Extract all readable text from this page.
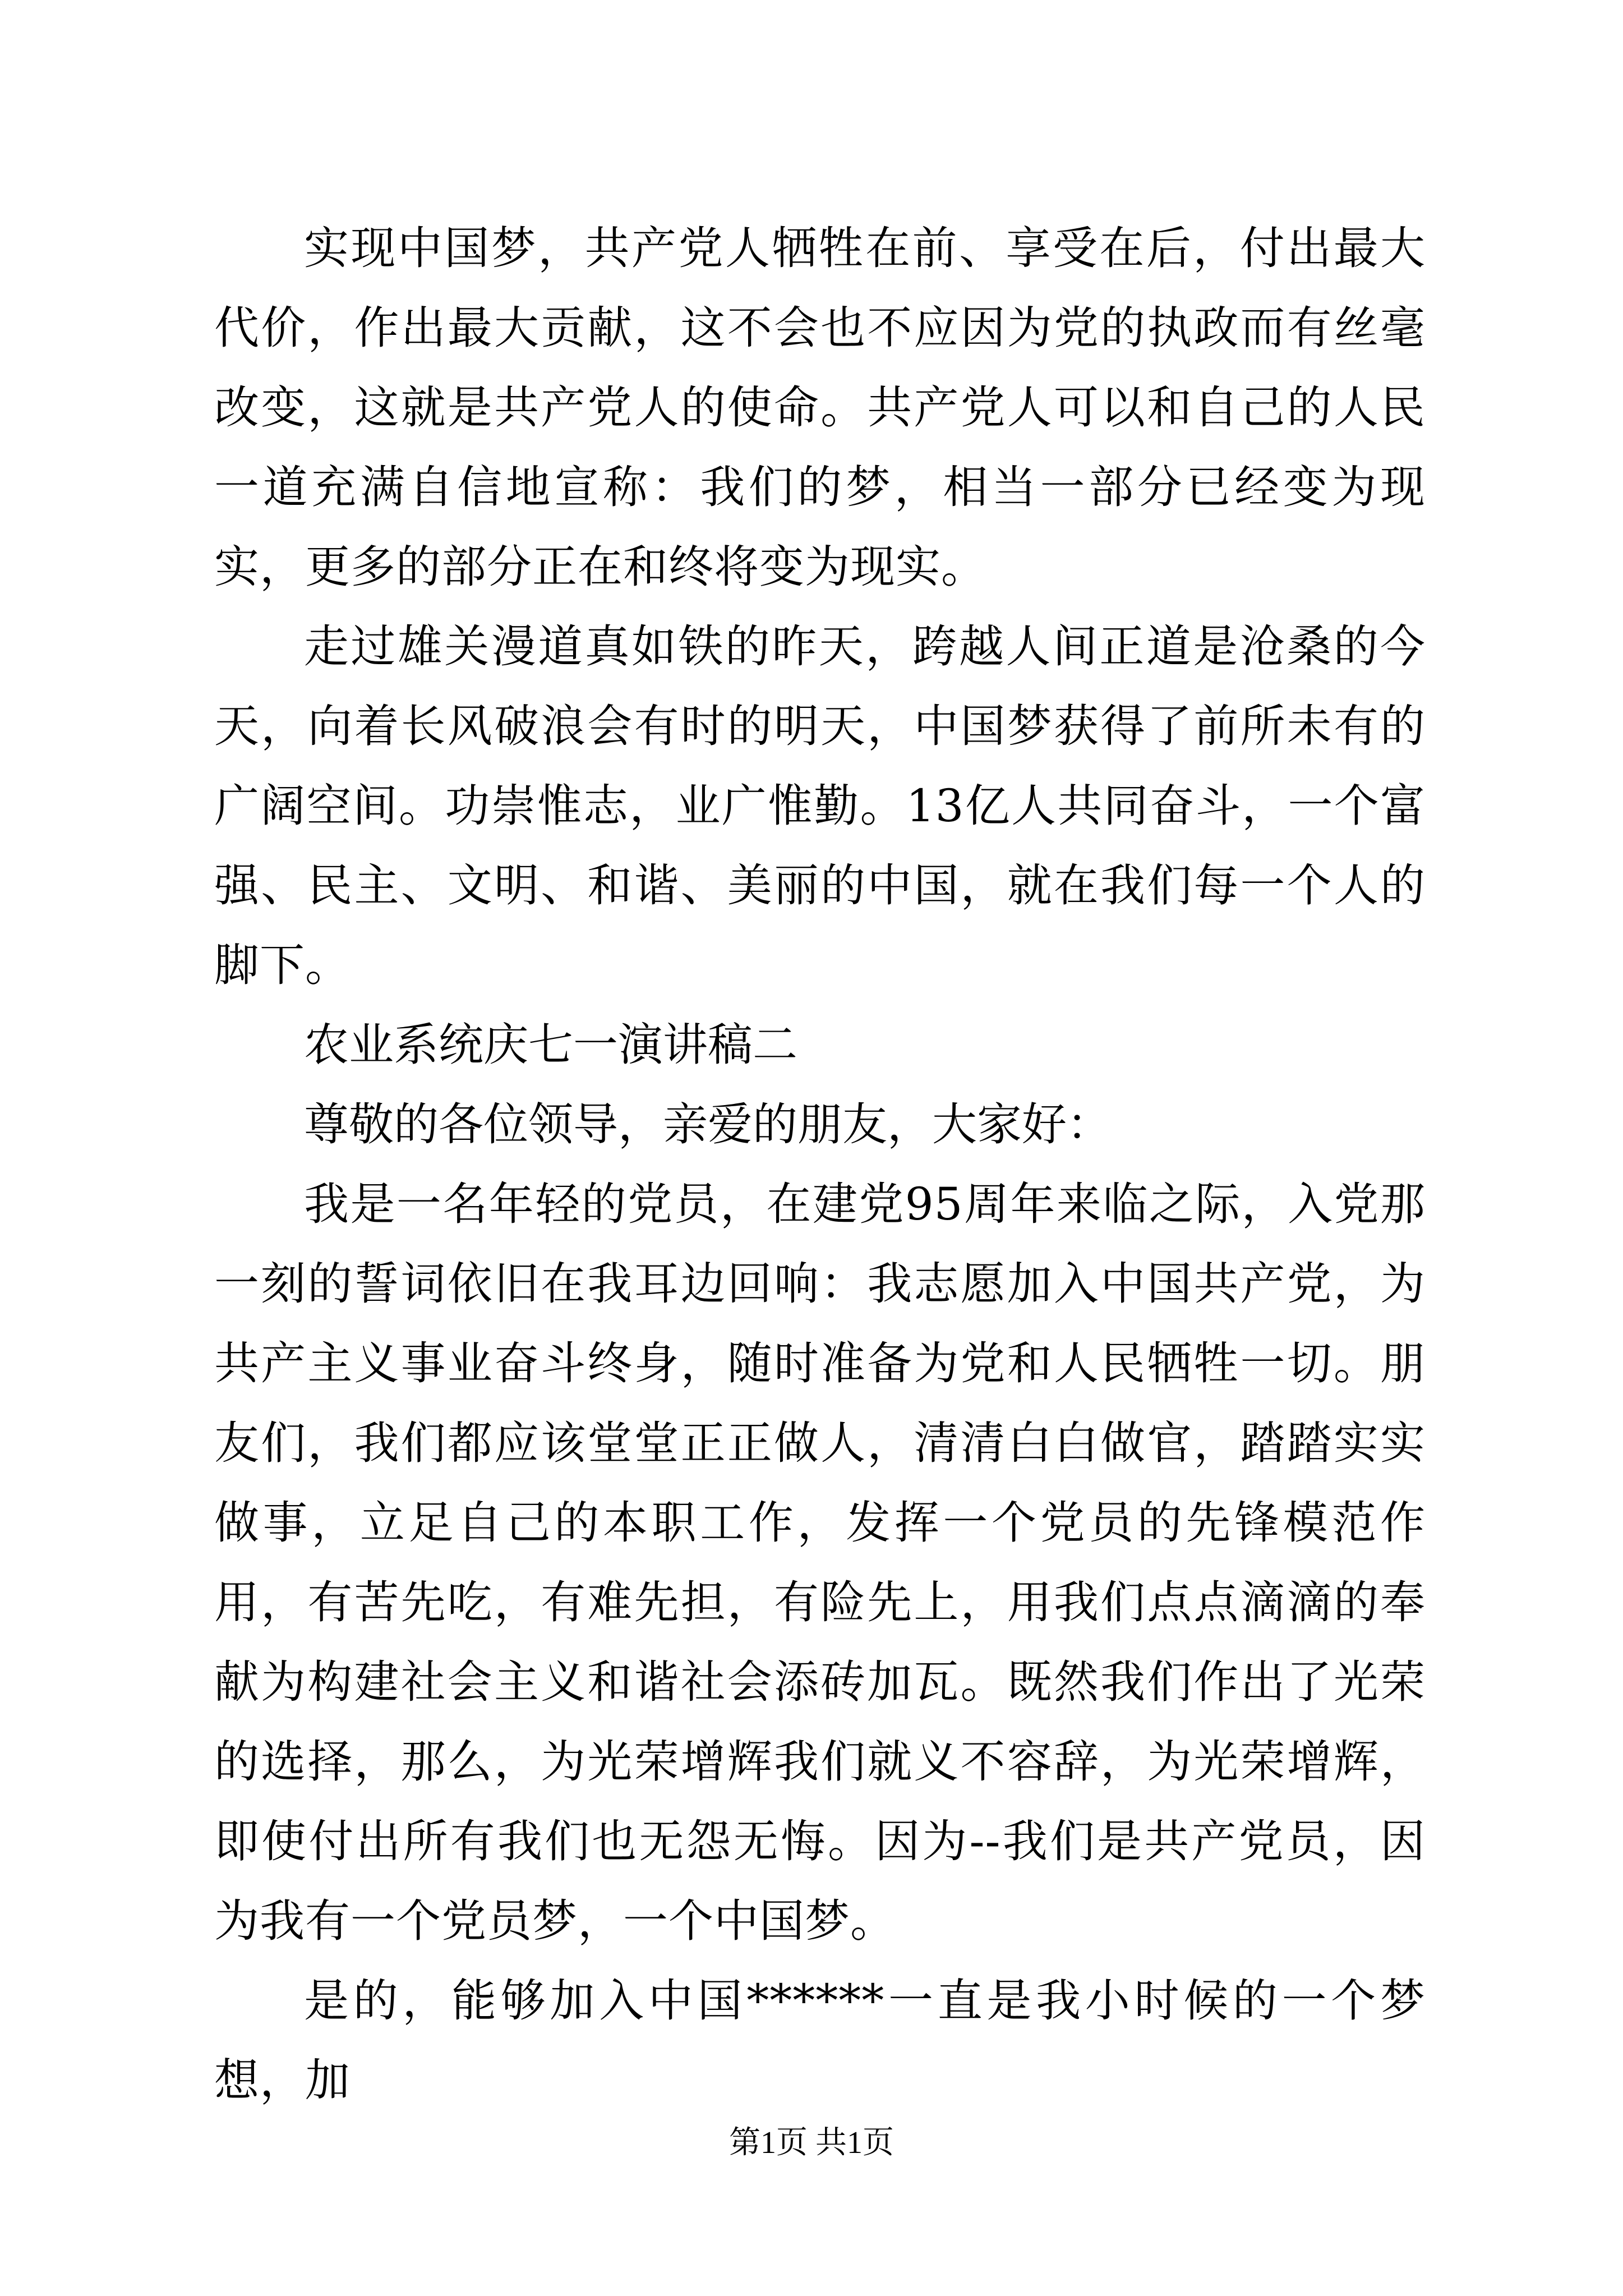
实现中国梦，共产党人牺牲在前、享受在后，付出最大代价，作出最大贡献，这不会也不应因为党的执政而有丝毫改变，这就是共产党人的使命。共产党人可以和自己的人民一道充满自信地宣称：我们的梦，相当一部分已经变为现实，更多的部分正在和终将变为现实。

走过雄关漫道真如铁的昨天，跨越人间正道是沧桑的今天，向着长风破浪会有时的明天，中国梦获得了前所未有的广阔空间。功崇惟志，业广惟勤。13亿人共同奋斗，一个富强、民主、文明、和谐、美丽的中国，就在我们每一个人的脚下。

农业系统庆七一演讲稿二

尊敬的各位领导，亲爱的朋友，大家好：

我是一名年轻的党员，在建党95周年来临之际，入党那一刻的誓词依旧在我耳边回响：我志愿加入中国共产党，为共产主义事业奋斗终身，随时准备为党和人民牺牲一切。朋友们，我们都应该堂堂正正做人，清清白白做官，踏踏实实做事，立足自己的本职工作，发挥一个党员的先锋模范作用，有苦先吃，有难先担，有险先上，用我们点点滴滴的奉献为构建社会主义和谐社会添砖加瓦。既然我们作出了光荣的选择，那么，为光荣增辉我们就义不容辞，为光荣增辉，即使付出所有我们也无怨无悔。因为--我们是共产党员，因为我有一个党员梦，一个中国梦。

是的，能够加入中国******一直是我小时候的一个梦想，加

第1页 共1页
